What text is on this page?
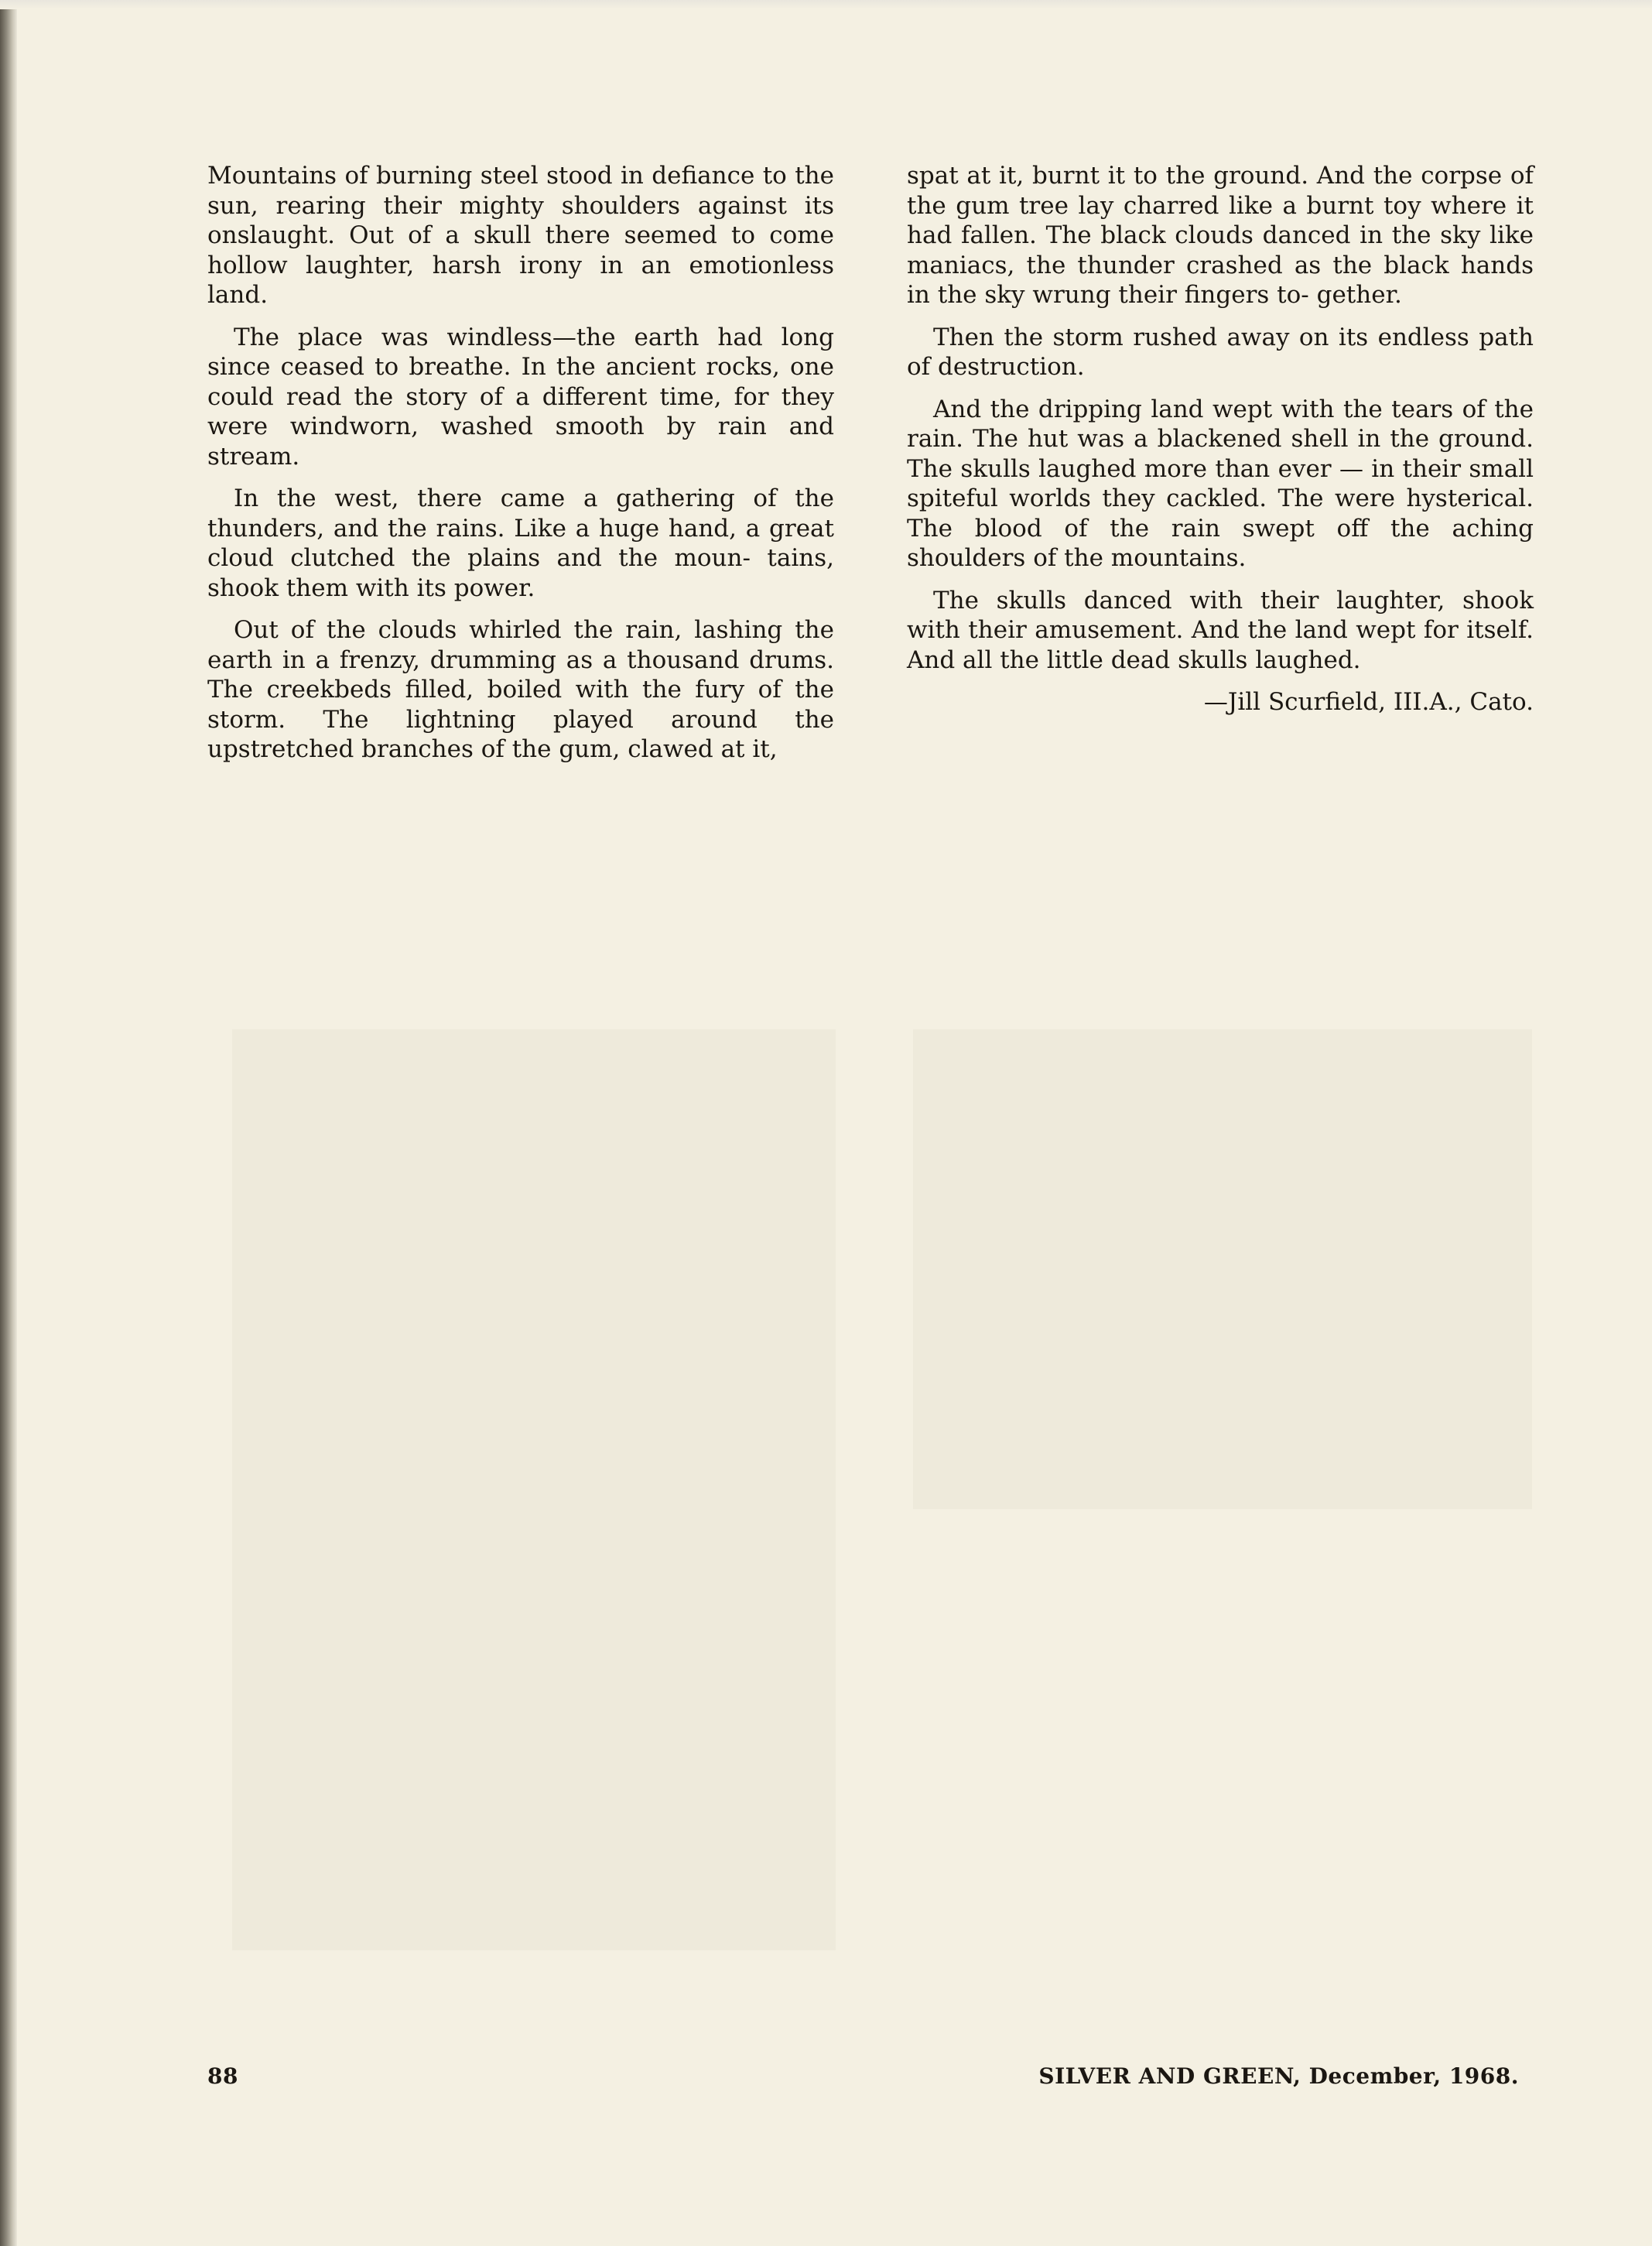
Mountains of burning steel stood in defiance to the sun, rearing their mighty shoulders against its onslaught. Out of a skull there seemed to come hollow laughter, harsh irony in an emotionless land.

The place was windless—the earth had long since ceased to breathe. In the ancient rocks, one could read the story of a different time, for they were windworn, washed smooth by rain and stream.

In the west, there came a gathering of the thunders, and the rains. Like a huge hand, a great cloud clutched the plains and the moun- tains, shook them with its power.

Out of the clouds whirled the rain, lashing the earth in a frenzy, drumming as a thousand drums. The creekbeds filled, boiled with the fury of the storm. The lightning played around the upstretched branches of the gum, clawed at it,

spat at it, burnt it to the ground. And the corpse of the gum tree lay charred like a burnt toy where it had fallen. The black clouds danced in the sky like maniacs, the thunder crashed as the black hands in the sky wrung their fingers to- gether.

Then the storm rushed away on its endless path of destruction.

And the dripping land wept with the tears of the rain. The hut was a blackened shell in the ground. The skulls laughed more than ever — in their small spiteful worlds they cackled. The were hysterical. The blood of the rain swept off the aching shoulders of the mountains.

The skulls danced with their laughter, shook with their amusement. And the land wept for itself. And all the little dead skulls laughed.

—Jill Scurfield, III.A., Cato.
88	SILVER AND GREEN, December, 1968.
